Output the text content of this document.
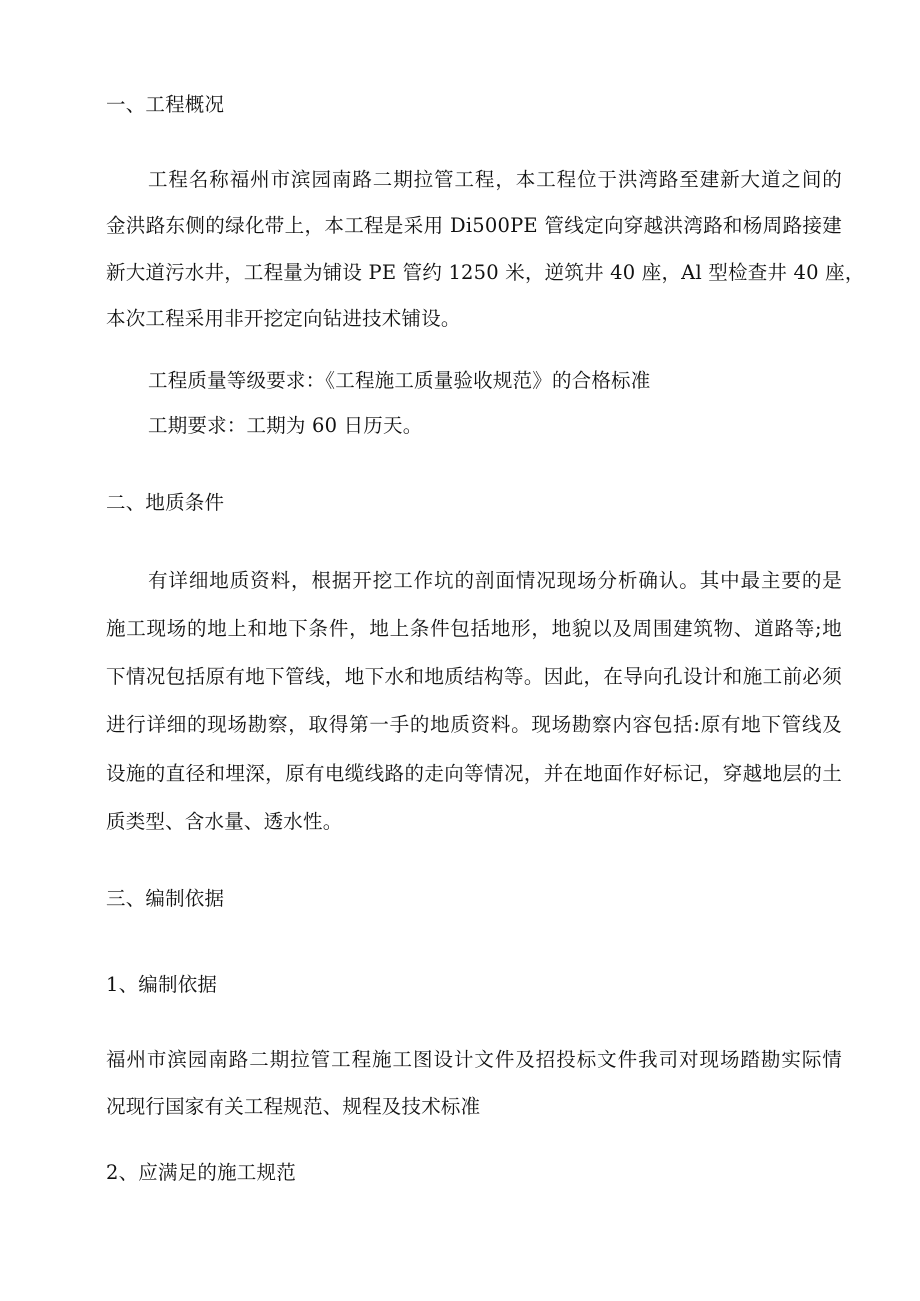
一、工程概况
工程名称福州市滨园南路二期拉管工程，本工程位于洪湾路至建新大道之间的
金洪路东侧的绿化带上，本工程是采用 Di500PE 管线定向穿越洪湾路和杨周路接建
新大道污水井，工程量为铺设 PE 管约 1250 米，逆筑井 40 座，Al 型检查井 40 座，
本次工程采用非开挖定向钻进技术铺设。
工程质量等级要求：《工程施工质量验收规范》的合格标准
工期要求：工期为 60 日历天。
二、地质条件
有详细地质资料，根据开挖工作坑的剖面情况现场分析确认。其中最主要的是
施工现场的地上和地下条件，地上条件包括地形，地貌以及周围建筑物、道路等;地
下情况包括原有地下管线，地下水和地质结构等。因此，在导向孔设计和施工前必须
进行详细的现场勘察，取得第一手的地质资料。现场勘察内容包括:原有地下管线及
设施的直径和埋深，原有电缆线路的走向等情况，并在地面作好标记，穿越地层的土
质类型、含水量、透水性。
三、编制依据
1、编制依据
福州市滨园南路二期拉管工程施工图设计文件及招投标文件我司对现场踏勘实际情
况现行国家有关工程规范、规程及技术标准
2、应满足的施工规范
